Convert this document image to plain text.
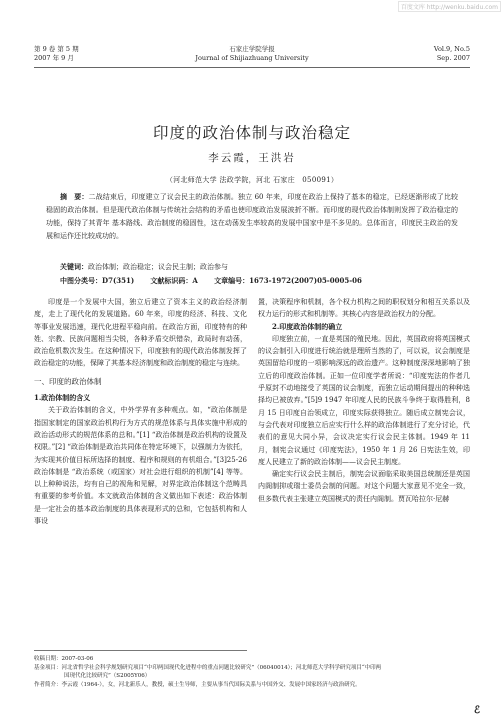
百度文库 http://wenku.baidu.com
第 9 卷 第 5 期
2007 年 9 月
石家庄学院学报
Journal of Shijiazhuang University
Vol.9, No.5
Sep. 2007
印度的政治体制与政治稳定
李云霞，王洪岩
（河北师范大学 法政学院，河北 石家庄　050091）
摘　要：二战结束后，印度建立了议会民主的政治体制。独立 60 年来，印度在政治上保持了基本的稳定，已经逐渐形成了比较稳固的政治体制。但是现代政治体制与传统社会结构的矛盾也使印度政治发展波折不断。而印度的现代政治体制则发挥了政治稳定的功能，保持了其青年 基本路线、政治制度的稳固性，这在动荡发生率较高的发展中国家中是不多见的。总体而言，印度民主政治的发展和运作还比较成功的。
关键词：政治体制；政治稳定；议会民主制；政治参与
中图分类号：D7(351) 文献标识码：A 文章编号：1673-1972(2007)05-0005-06

印度是一个发展中大国，独立后建立了资本主义的政治经济制度，走上了现代化的发展道路。60 年来，印度的经济、科技、文化等事业发展迅速，现代化进程平稳向前。在政治方面，印度特有的种姓、宗教、民族问题相当尖锐，各种矛盾交织错杂，政局时有动荡，政治危机数次发生。在这种情况下，印度独有的现代政治体制发挥了政治稳定的功能，保障了其基本经济制度和政治制度的稳定与连续。

一、印度的政治体制

1.政治体制的含义

关于政治体制的含义，中外学界有多种观点。如，“政治体制是指国家制定的国家政治机构行为方式的规范体系与具体实施中形成的政治活动形式的规范体系的总和。”[1] “政治体制是政治机构的设置及权限。”[2] “政治体制是政治共同体在特定环境下，以强制力为依托，为实现其价值目标所选择的制度、程序和规则的有机组合。”[3]25-26 政治体制是 “政治系统（或国家）对社会进行组织的机制”[4] 等等。以上种种说法，均有自己的视角和见解，对界定政治体制这个范畴具有重要的参考价值。本文就政治体制的含义做出如下表述：政治体制是一定社会的基本政治制度的具体表现形式的总和，它包括机构和人事设

置，决策程序和机制，各个权力机构之间的职权划分和相互关系以及权力运行的形式和机制等。其核心内容是政治权力的分配。

2.印度政治体制的确立

印度独立前，一直是英国的殖民地。因此，英国政府将英国模式的议会制引入印度进行统治就是理所当然的了，可以说，议会制度是英国留给印度的一项影响深远的政治遗产。这种制度深深地影响了独立后的印度政治体制。正如一位印度学者所说：“印度宪法的作者几乎原封不动地接受了英国的议会制度，而独立运动期间提出的种种选择均已被放弃。”[5]9 1947 年印度人民的民族斗争终于取得胜利，8 月 15 日印度自治领成立，印度实际获得独立。随后成立制宪会议，与会代表对印度独立后应实行什么样的政治体制进行了充分讨论，代表们的意见大同小异，会议决定实行议会民主体制。1949 年 11 月，制宪会议通过《印度宪法》，1950 年 1 月 26 日宪法生效，印度人民建立了新的政治体制——议会民主制度。

确定实行议会民主制后，制宪会议面临采取美国总统制还是英国内阁制抑或瑞士委员会制的问题。对这个问题大家意见不完全一致，但多数代表主张建立英国模式的责任内阁制。贾瓦哈拉尔·尼赫

收稿日期：2007-03-06
基金项目：河北省哲学社会科学规划研究项目“中印两国现代化进程中的重点问题比较研究”（06040014）；河北师范大学科学研究项目“中印两
国现代化比较研究”（S2005Y06）
作者简介：李云霞（1964-），女，河北新乐人，教授，硕士生导师，主要从事当代国际关系与中国外交、发展中国家经济与政治研究。
ℰ
